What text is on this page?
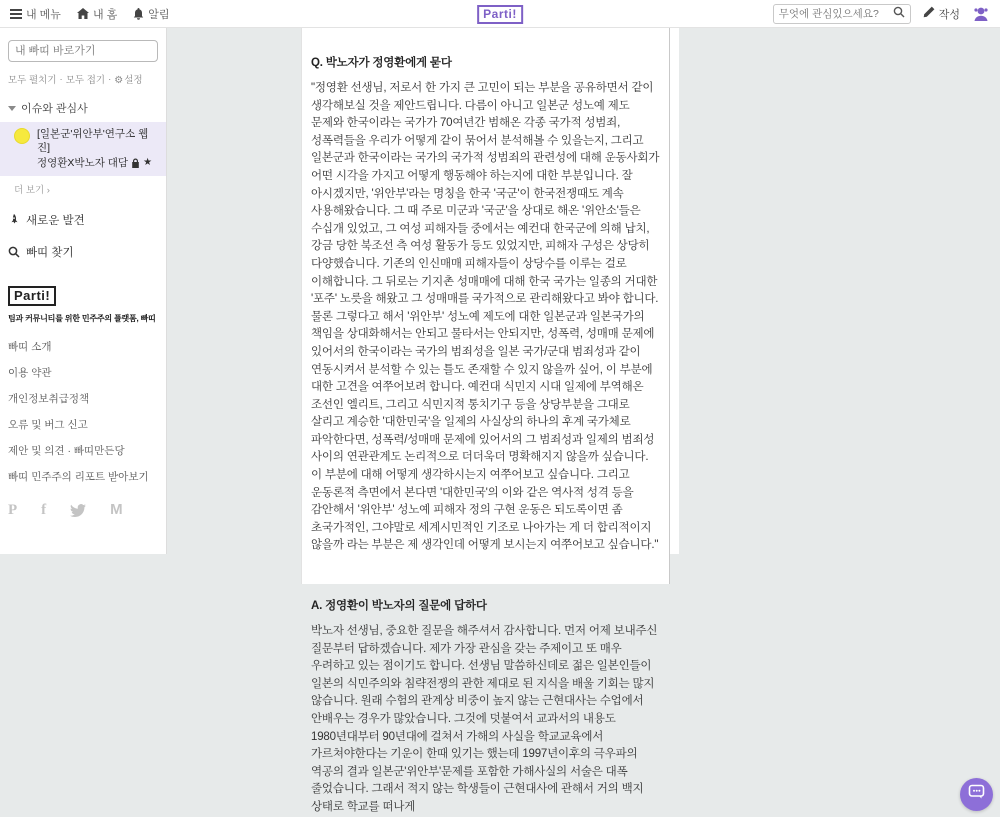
내 메뉴	내 홈	알림	Parti!
무엇에 관심있으세요?	작성
내 빠띠 바로가기
모두 펼치기 · 모두 접기 · ⚙	설정
이슈와 관심사
[일본군'위안부'연구소 웹진]

정영환X박노자 대담
★
더 보기 ›
새로운 발견
빠띠 찾기
Parti!
팀과 커뮤니티를 위한 민주주의 플랫폼, 빠띠
빠띠 소개
이용 약관
개인정보취급정책
오류 및 버그 신고
제안 및 의견 · 빠띠만든당
빠띠 민주주의 리포트 받아보기
P f	M
Q. 박노자가 정영환에게 묻다
"정영환 선생님, 저로서 한 가지 큰 고민이 되는 부분을 공유하면서 같이 생각해보실 것을 제안드립니다. 다름이 아니고 일본군 성노예 제도 문제와 한국이라는 국가가 70여년간 범해온 각종 국가적 성범죄, 성폭력들을 우리가 어떻게 같이 묶어서 분석해볼 수 있을는지, 그리고 일본군과 한국이라는 국가의 국가적 성범죄의 관련성에 대해 운동사회가 어떤 시각을 가지고 어떻게 행동해야 하는지에 대한 부분입니다. 잘 아시겠지만, '위안부'라는 명칭을 한국 '국군'이 한국전쟁때도 계속 사용해왔습니다. 그 때 주로 미군과 '국군'을 상대로 해온 '위안소'들은 수십개 있었고, 그 여성 피해자들 중에서는 예컨대 한국군에 의해 납치, 강금 당한 북조선 측 여성 활동가 등도 있었지만, 피해자 구성은 상당히 다양했습니다. 기존의 인신매매 피해자들이 상당수를 이루는 걸로 이해합니다. 그 뒤로는 기지촌 성매매에 대해 한국 국가는 일종의 거대한 '포주' 노릇을 해왔고 그 성매매를 국가적으로 관리해왔다고 봐야 합니다. 물론 그렇다고 해서 '위안부' 성노예 제도에 대한 일본군과 일본국가의 책임을 상대화해서는 안되고 물타서는 안되지만, 성폭력, 성매매 문제에 있어서의 한국이라는 국가의 범죄성을 일본 국가/군대 범죄성과 같이 연동시켜서 분석할 수 있는 틀도 존재할 수 있지 않을까 싶어, 이 부분에 대한 고견을 여쭈어보려 합니다. 예컨대 식민지 시대 일제에 부역해온 조선인 엘리트, 그리고 식민지적 통치기구 등을 상당부분을 그대로 살리고 계승한 '대한민국'을 일제의 사실상의 하나의 후계 국가체로 파악한다면, 성폭력/성매매 문제에 있어서의 그 범죄성과 일제의 범죄성 사이의 연관관계도 논리적으로 더더욱더 명확해지지 않을까 싶습니다. 이 부분에 대해 어떻게 생각하시는지 여쭈어보고 싶습니다. 그리고 운동론적 측면에서 본다면 '대한민국'의 이와 같은 역사적 성격 등을 감안해서 '위안부' 성노예 피해자 정의 구현 운동은 되도록이면 좀 초국가적인, 그야말로 세계시민적인 기조로 나아가는 게 더 합리적이지 않을까 라는 부분은 제 생각인데 어떻게 보시는지 여쭈어보고 싶습니다."
A. 정영환이 박노자의 질문에 답하다
박노자 선생님, 중요한 질문을 해주셔서 감사합니다. 먼저 어제 보내주신 질문부터 답하겠습니다. 제가 가장 관심을 갖는 주제이고 또 매우 우려하고 있는 점이기도 합니다. 선생님 말씀하신데로 젊은 일본인들이 일본의 식민주의와 침략전쟁의 관한 제대로 된 지식을 배울 기회는 많지 않습니다. 원래 수험의 관계상 비중이 높지 않는 근현대사는 수업에서 안배우는 경우가 많았습니다. 그것에 덧붙여서 교과서의 내용도 1980년대부터 90년대에 걸쳐서 가해의 사실을 학교교육에서 가르쳐야한다는 기운이 한때 있기는 했는데 1997년이후의 극우파의 역공의 결과 일본군'위안부'문제를 포함한 가해사실의 서술은 대폭 줄었습니다. 그래서 적지 않는 학생들이 근현대사에 관해서 거의 백지 상태로 학교를 떠나게
